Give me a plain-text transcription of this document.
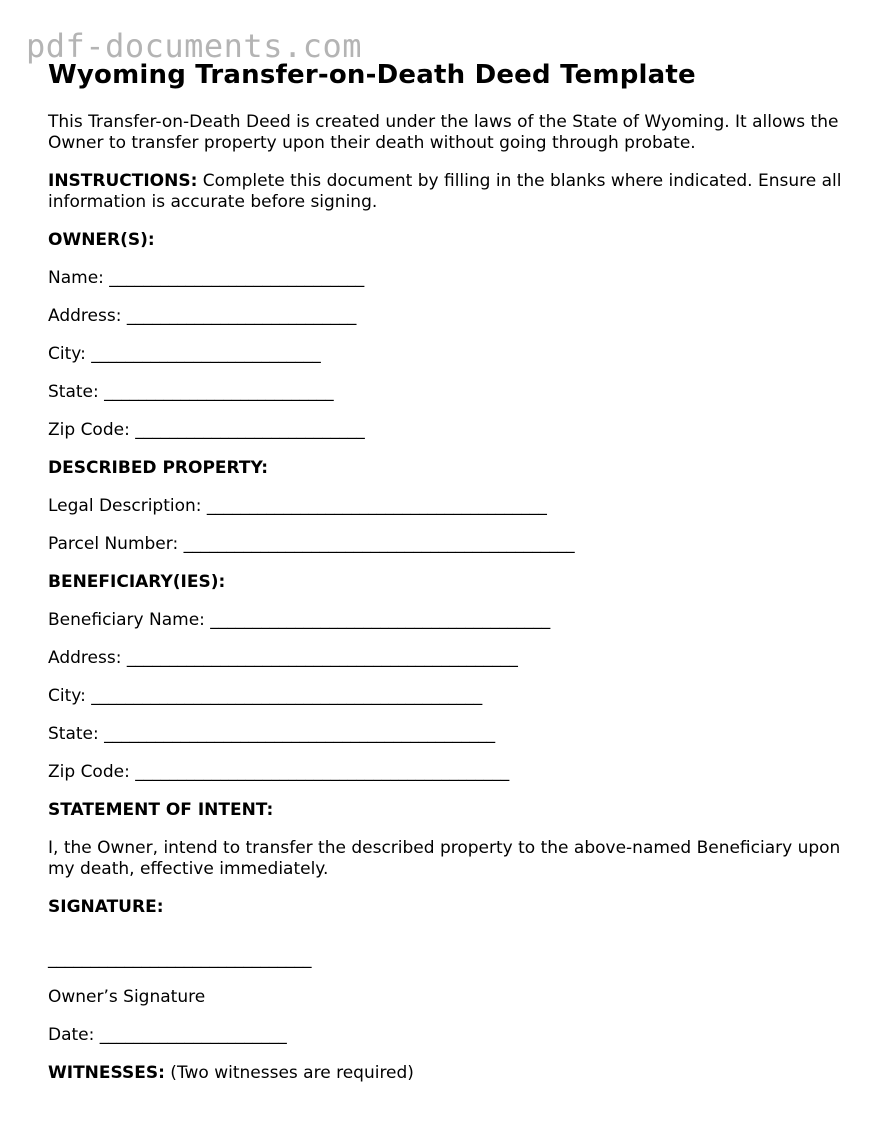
pdf-documents.com
Wyoming Transfer-on-Death Deed Template

This Transfer-on-Death Deed is created under the laws of the State of Wyoming. It allows the Owner to transfer property upon their death without going through probate.

INSTRUCTIONS: Complete this document by filling in the blanks where indicated. Ensure all information is accurate before signing.

OWNER(S):

Name: ______________________________

Address: ___________________________

City: ___________________________

State: ___________________________

Zip Code: ___________________________

DESCRIBED PROPERTY:

Legal Description: ________________________________________

Parcel Number: ______________________________________________

BENEFICIARY(IES):

Beneficiary Name: ________________________________________

Address: ______________________________________________

City: ______________________________________________

State: ______________________________________________

Zip Code: ____________________________________________

STATEMENT OF INTENT:

I, the Owner, intend to transfer the described property to the above-named Beneficiary upon my death, effective immediately.

SIGNATURE:

_______________________________

Owner’s Signature

Date: ______________________

WITNESSES: (Two witnesses are required)
